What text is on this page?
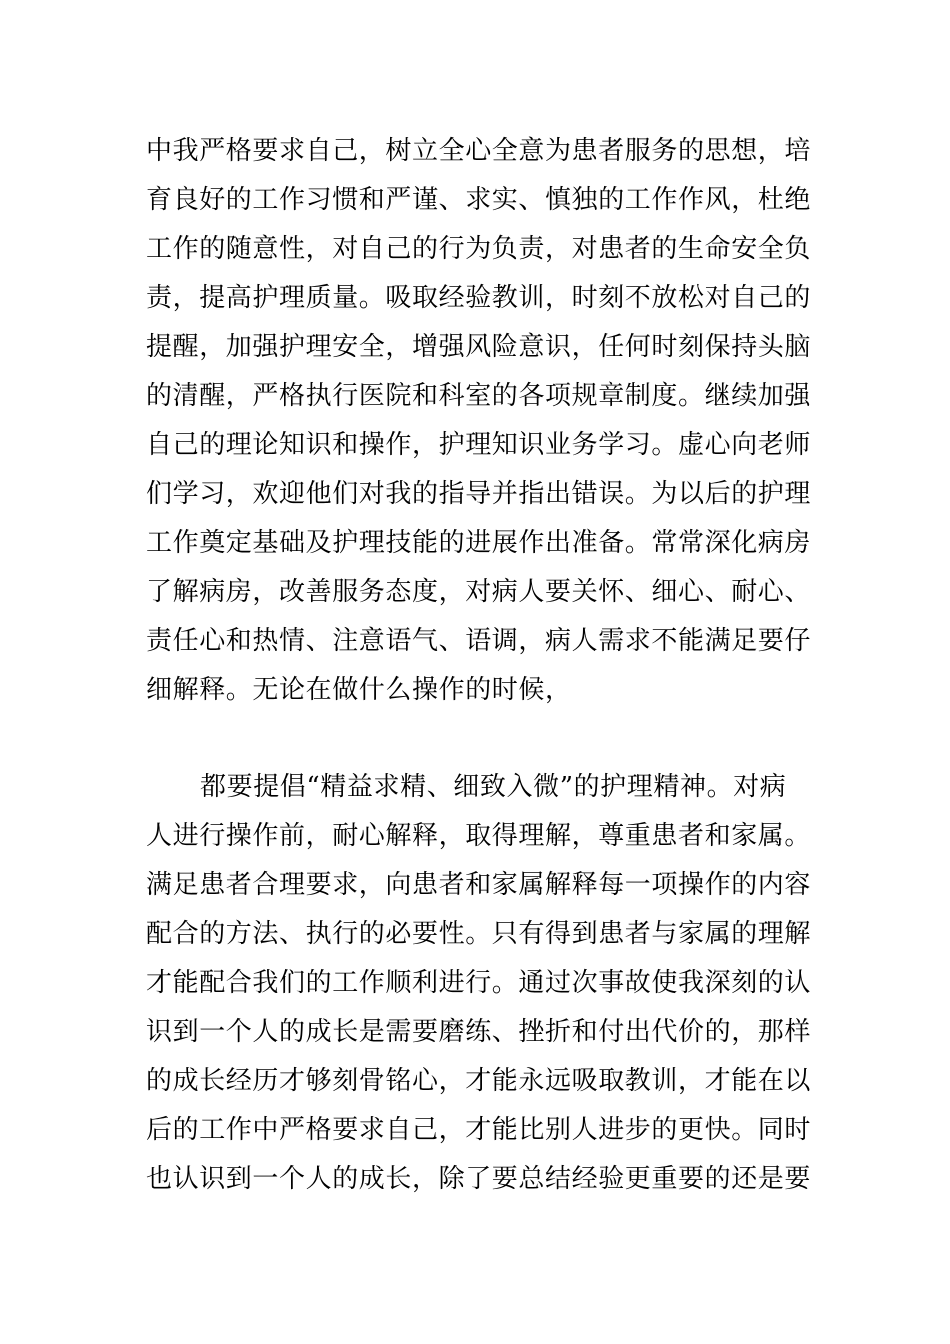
中我严格要求自己，树立全心全意为患者服务的思想，培
育良好的工作习惯和严谨、求实、慎独的工作作风，杜绝
工作的随意性，对自己的行为负责，对患者的生命安全负
责，提高护理质量。吸取经验教训，时刻不放松对自己的
提醒，加强护理安全，增强风险意识，任何时刻保持头脑
的清醒，严格执行医院和科室的各项规章制度。继续加强
自己的理论知识和操作，护理知识业务学习。虚心向老师
们学习，欢迎他们对我的指导并指出错误。为以后的护理
工作奠定基础及护理技能的进展作出准备。常常深化病房
了解病房，改善服务态度，对病人要关怀、细心、耐心、
责任心和热情、注意语气、语调，病人需求不能满足要仔
细解释。无论在做什么操作的时候，
都要提倡“精益求精、细致入微”的护理精神。对病
人进行操作前，耐心解释，取得理解，尊重患者和家属。
满足患者合理要求，向患者和家属解释每一项操作的内容
配合的方法、执行的必要性。只有得到患者与家属的理解
才能配合我们的工作顺利进行。通过次事故使我深刻的认
识到一个人的成长是需要磨练、挫折和付出代价的，那样
的成长经历才够刻骨铭心，才能永远吸取教训，才能在以
后的工作中严格要求自己，才能比别人进步的更快。同时
也认识到一个人的成长，除了要总结经验更重要的还是要
